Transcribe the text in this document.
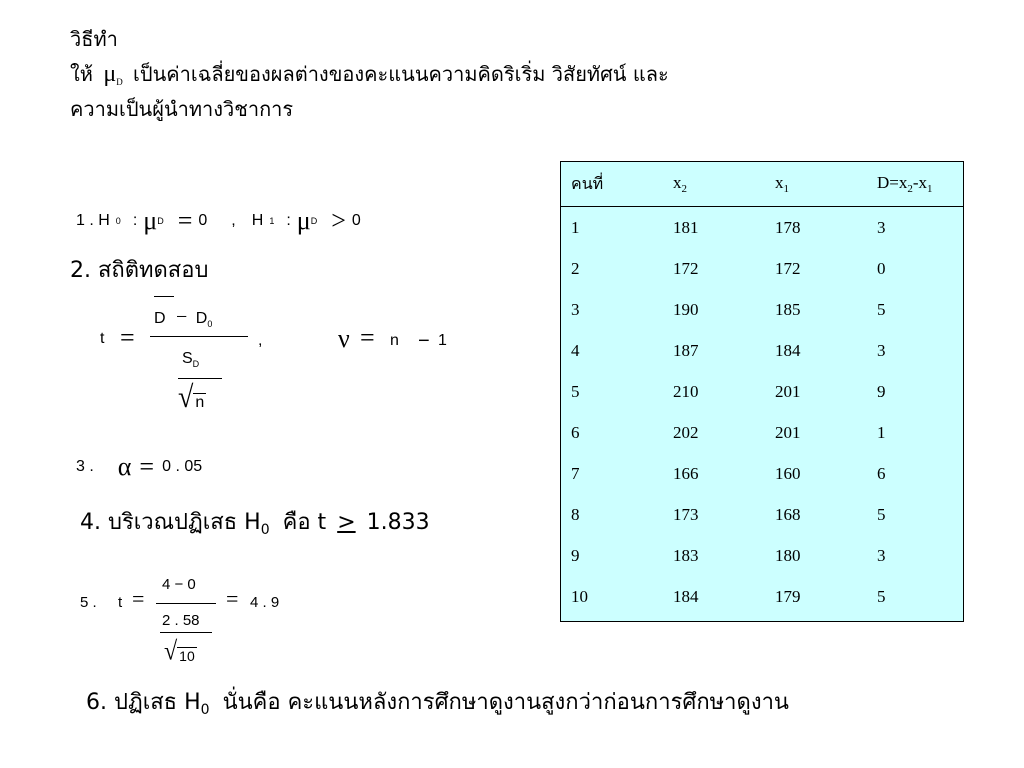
วิธีทำ
ให้ $\mu_D$ เป็นค่าเฉลี่ยของผลต่างของคะแนนความคิดริเริ่ม วิสัยทัศน์ และ
ความเป็นผู้นำทางวิชาการ
1 . H 0 : μ D = 0 , H 1 : μ D > 0
2. สถิติทดสอบ
t =
$D - D_0$
,
$S_D$
√ n
ν = n − 1
3 . α = 0 . 05
4. บริเวณปฏิเสธ $H_0$ คือ t > 1.833
5 . t =
4 − 0
2 . 58
√ 10
= 4 . 9
6. ปฏิเสธ $H_0$ นั่นคือ คะแนนหลังการศึกษาดูงานสูงกว่าก่อนการศึกษาดูงาน
คนที่	$x_2$	$x_1$	$D=x_2-x_1$
1	181	178	3
2	172	172	0
3	190	185	5
4	187	184	3
5	210	201	9
6	202	201	1
7	166	160	6
8	173	168	5
9	183	180	3
10	184	179	5
